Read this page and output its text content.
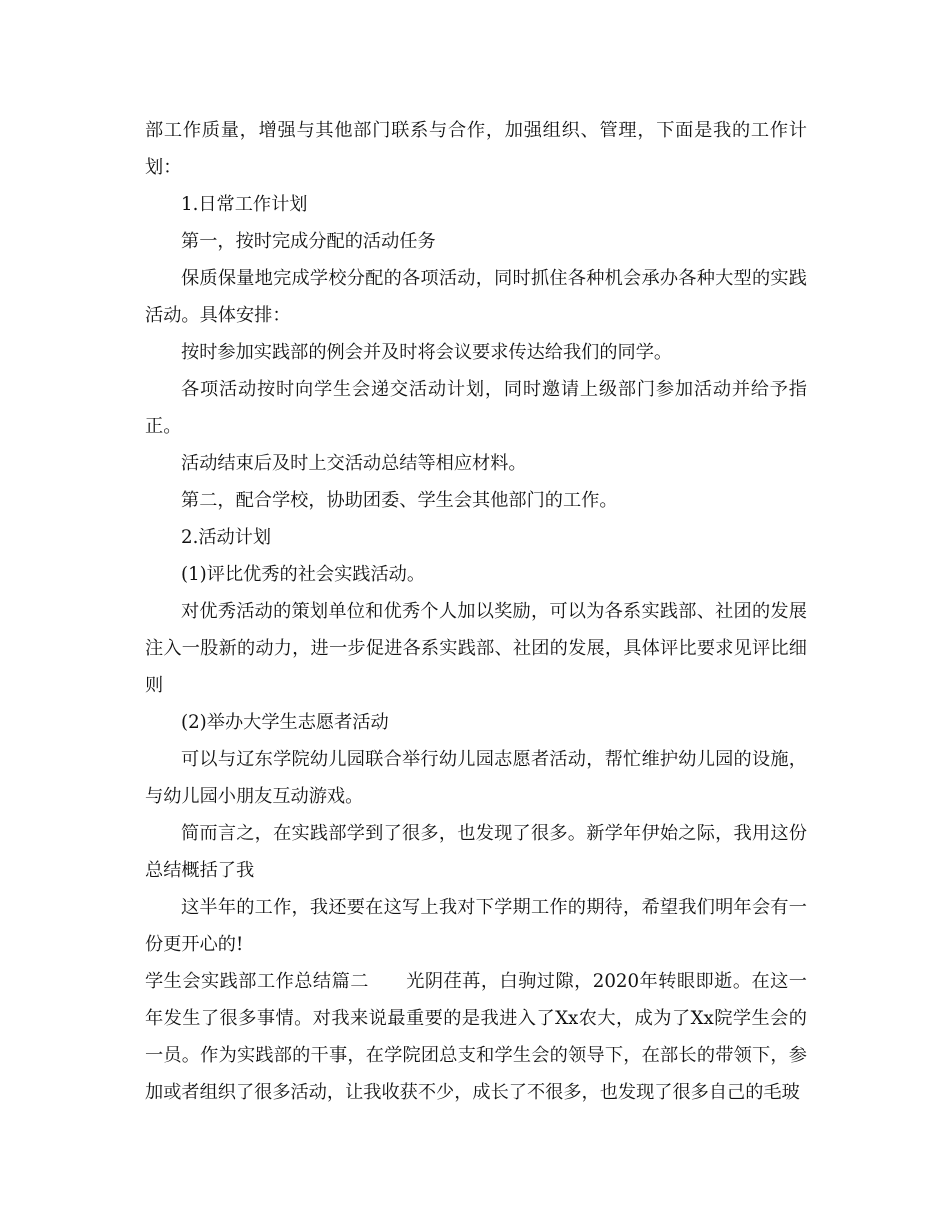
部工作质量，增强与其他部门联系与合作，加强组织、管理，下面是我的工作计划：

1.日常工作计划

第一，按时完成分配的活动任务

保质保量地完成学校分配的各项活动，同时抓住各种机会承办各种大型的实践活动。具体安排：

按时参加实践部的例会并及时将会议要求传达给我们的同学。

各项活动按时向学生会递交活动计划，同时邀请上级部门参加活动并给予指正。

活动结束后及时上交活动总结等相应材料。

第二，配合学校，协助团委、学生会其他部门的工作。

2.活动计划

(1)评比优秀的社会实践活动。

对优秀活动的策划单位和优秀个人加以奖励，可以为各系实践部、社团的发展注入一股新的动力，进一步促进各系实践部、社团的发展，具体评比要求见评比细则

(2)举办大学生志愿者活动

可以与辽东学院幼儿园联合举行幼儿园志愿者活动，帮忙维护幼儿园的设施，与幼儿园小朋友互动游戏。

简而言之，在实践部学到了很多，也发现了很多。新学年伊始之际，我用这份总结概括了我

这半年的工作，我还要在这写上我对下学期工作的期待，希望我们明年会有一份更开心的!

学生会实践部工作总结篇二　　光阴荏苒，白驹过隙，2020年转眼即逝。在这一年发生了很多事情。对我来说最重要的是我进入了Xx农大，成为了Xx院学生会的一员。作为实践部的干事，在学院团总支和学生会的领导下，在部长的带领下，参加或者组织了很多活动，让我收获不少，成长了不很多，也发现了很多自己的毛玻
